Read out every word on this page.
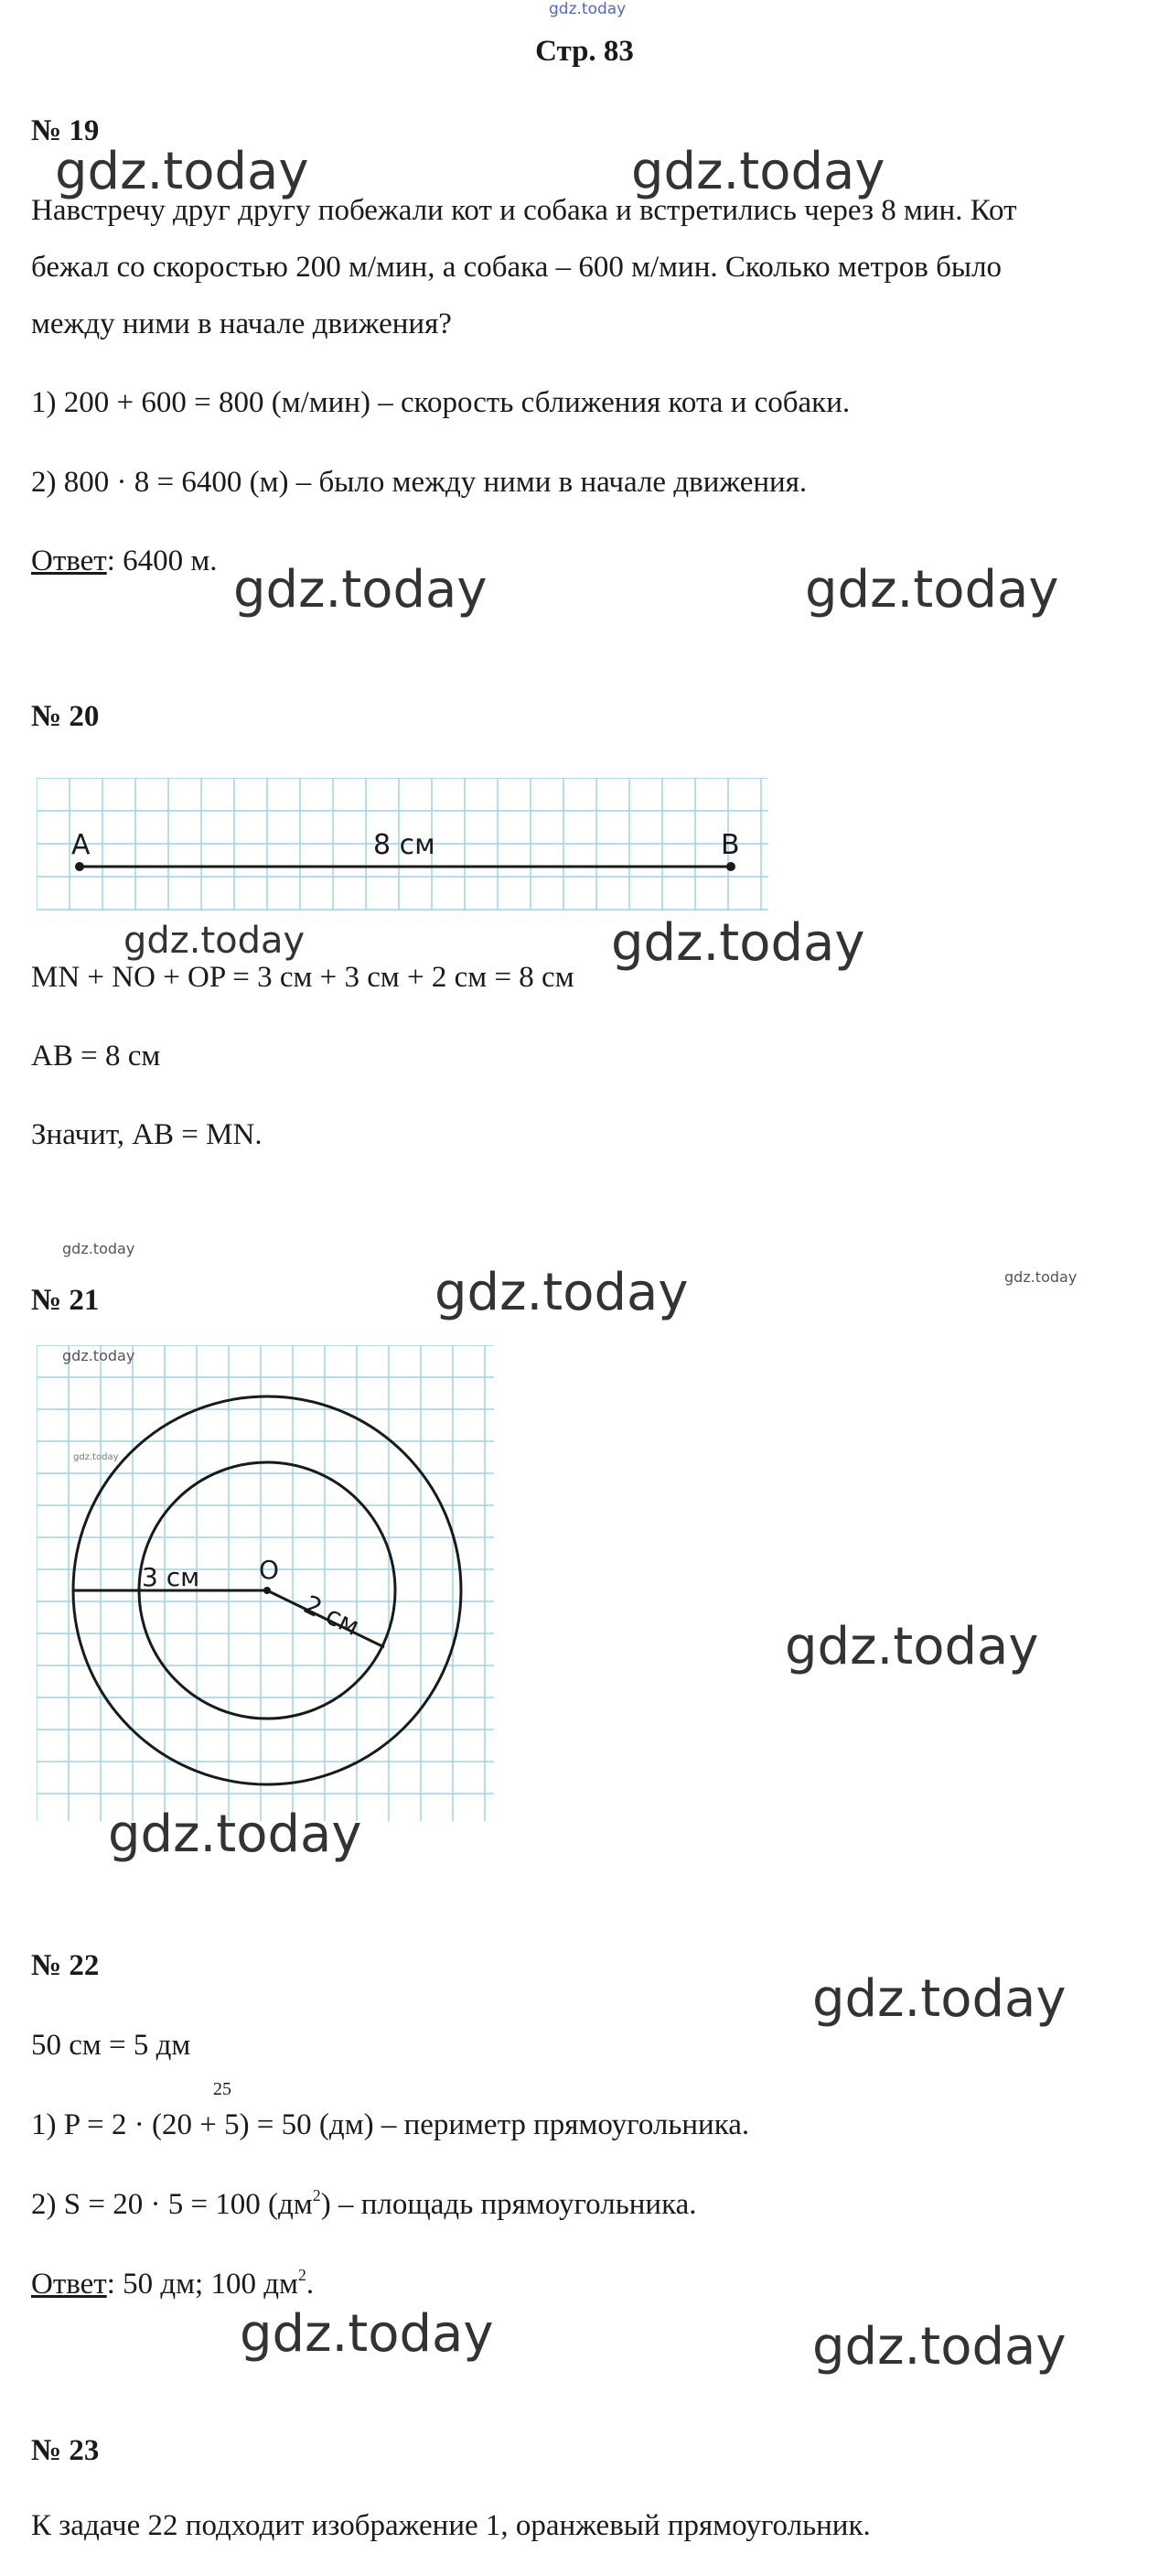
gdz.today
Стр. 83
№ 19
Навстречу друг другу побежали кот и собака и встретились через 8 мин. Кот
бежал со скоростью 200 м/мин, а собака – 600 м/мин. Сколько метров было
между ними в начале движения?
1) 200 + 600 = 800 (м/мин) – скорость сближения кота и собаки.
2) 800 · 8 = 6400 (м) – было между ними в начале движения.
Ответ: 6400 м.
№ 20
A	B
8 см
MN + NO + OP = 3 см + 3 см + 2 см = 8 см
AB = 8 см
Значит, AB = MN.
№ 21
O
3 см
2 см
№ 22
50 см = 5 дм
25
1) P = 2 · (20 + 5) = 50 (дм) – периметр прямоугольника.
2) S = 20 · 5 = 100 $(дм^2)$ – площадь прямоугольника.
Ответ: 50 дм; 100 $дм^2$.
№ 23
К задаче 22 подходит изображение 1, оранжевый прямоугольник.
gdz.today	gdz.today
gdz.today	gdz.today
gdz.today	gdz.today
gdz.today
gdz.today	gdz.today
gdz.today
gdz.today
gdz.today
gdz.today
gdz.today
gdz.today	gdz.today
